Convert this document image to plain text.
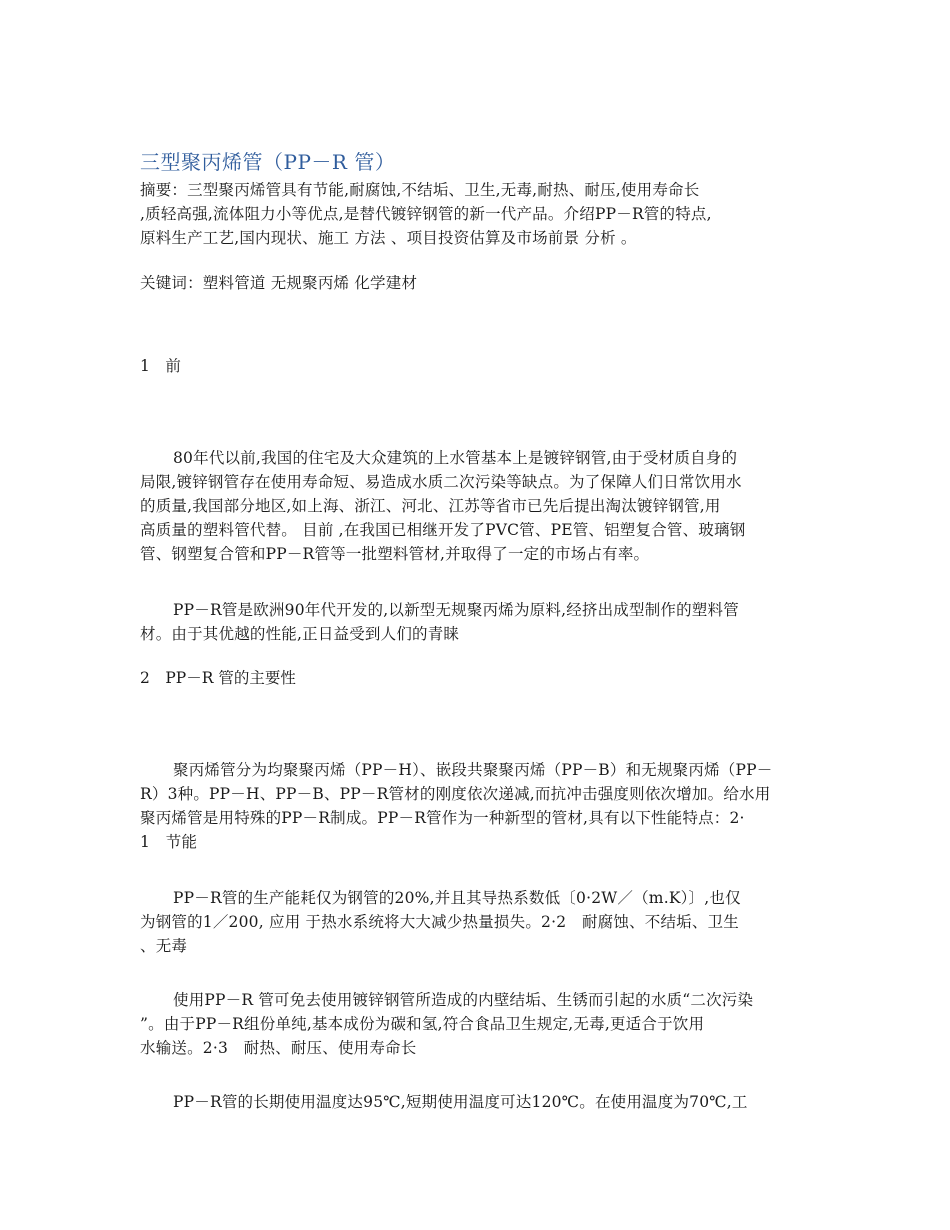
三型聚丙烯管（PP－R 管）
摘要：三型聚丙烯管具有节能,耐腐蚀,不结垢、卫生,无毒,耐热、耐压,使用寿命长
,质轻高强,流体阻力小等优点,是替代镀锌钢管的新一代产品。介绍PP－R管的特点,
原料生产工艺,国内现状、施工 方法 、项目投资估算及市场前景 分析 。
关键词：塑料管道 无规聚丙烯 化学建材
1　前
80年代以前,我国的住宅及大众建筑的上水管基本上是镀锌钢管,由于受材质自身的
局限,镀锌钢管存在使用寿命短、易造成水质二次污染等缺点。为了保障人们日常饮用水
的质量,我国部分地区,如上海、浙江、河北、江苏等省市已先后提出淘汰镀锌钢管,用
高质量的塑料管代替。 目前 ,在我国已相继开发了PVC管、PE管、铝塑复合管、玻璃钢
管、钢塑复合管和PP－R管等一批塑料管材,并取得了一定的市场占有率。
PP－R管是欧洲90年代开发的,以新型无规聚丙烯为原料,经挤出成型制作的塑料管
材。由于其优越的性能,正日益受到人们的青睐
2　PP－R 管的主要性
聚丙烯管分为均聚聚丙烯（PP－H）、嵌段共聚聚丙烯（PP－B）和无规聚丙烯（PP－
R）3种。PP－H、PP－B、PP－R管材的刚度依次递减,而抗冲击强度则依次增加。给水用
聚丙烯管是用特殊的PP－R制成。PP－R管作为一种新型的管材,具有以下性能特点：2·
1　节能
PP－R管的生产能耗仅为钢管的20%,并且其导热系数低〔0·2W／（m.K）〕,也仅
为钢管的1／200, 应用 于热水系统将大大减少热量损失。2·2　耐腐蚀、不结垢、卫生
、无毒
使用PP－R 管可免去使用镀锌钢管所造成的内壁结垢、生锈而引起的水质“二次污染
”。由于PP－R组份单纯,基本成份为碳和氢,符合食品卫生规定,无毒,更适合于饮用
水输送。2·3　耐热、耐压、使用寿命长
PP－R管的长期使用温度达95℃,短期使用温度可达120℃。在使用温度为70℃,工
